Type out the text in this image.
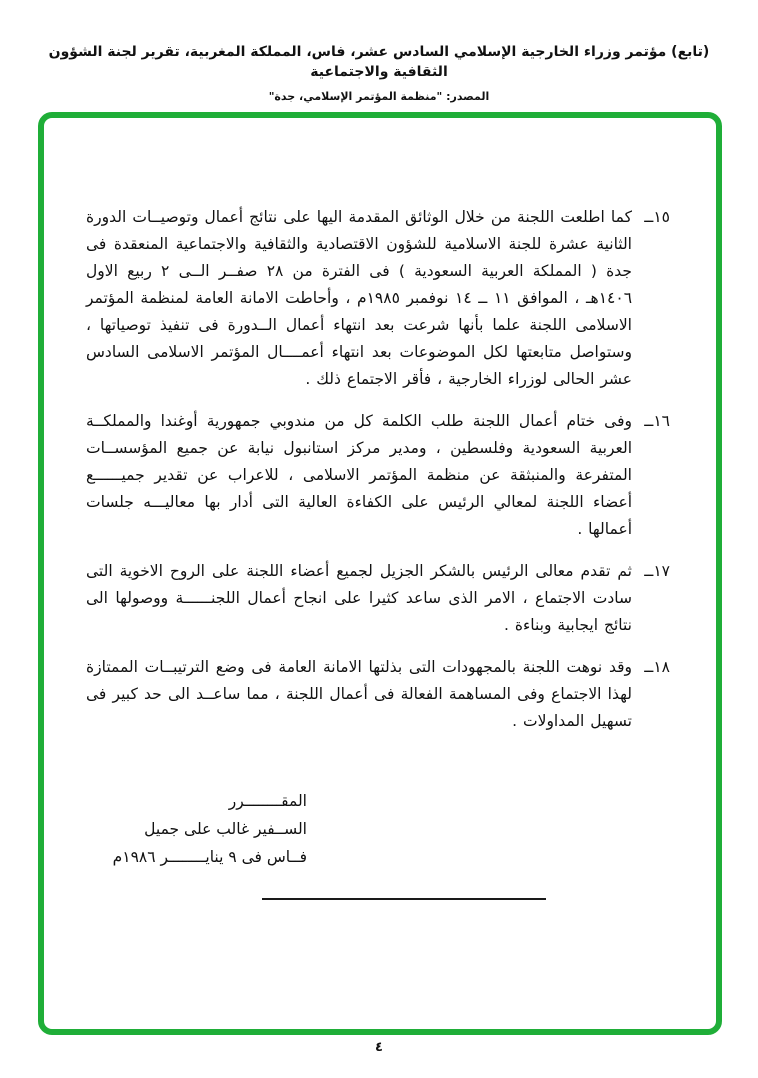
(تابع) مؤتمر وزراء الخارجية الإسلامي السادس عشر، فاس، المملكة المغربية، تقرير لجنة الشؤون الثقافية والاجتماعية
المصدر: "منظمة المؤتمر الإسلامي، جدة"
١٥ــ
كما اطلعت اللجنة من خلال الوثائق المقدمة اليها على نتائج أعمال وتوصيــات الدورة الثانية عشرة للجنة الاسلامية للشؤون الاقتصادية والثقافية والاجتماعية المنعقدة فى جدة ( المملكة العربية السعودية ) فى الفترة من ٢٨ صفــر الــى ٢ ربيع الاول ١٤٠٦هـ ، الموافق ١١ ــ ١٤ نوفمبر ١٩٨٥م ، وأحاطت الامانة العامة لمنظمة المؤتمر الاسلامى اللجنة علما بأنها شرعت بعد انتهاء أعمال الــدورة فى تنفيذ توصياتها ، وستواصل متابعتها لكل الموضوعات بعد انتهاء أعمــــال المؤتمر الاسلامى السادس عشر الحالى لوزراء الخارجية ، فأقر الاجتماع ذلك .
١٦ــ
وفى ختام أعمال اللجنة طلب الكلمة كل من مندوبي جمهورية أوغندا والمملكــة العربية السعودية وفلسطين ، ومدير مركز استانبول نيابة عن جميع المؤسســات المتفرعة والمنبثقة عن منظمة المؤتمر الاسلامى ، للاعراب عن تقدير جميــــــع أعضاء اللجنة لمعالي الرئيس على الكفاءة العالية التى أدار بها معاليـــه جلسات أعمالها .
١٧ــ
ثم تقدم معالى الرئيس بالشكر الجزيل لجميع أعضاء اللجنة على الروح الاخوية التى سادت الاجتماع ، الامر الذى ساعد كثيرا على انجاح أعمال اللجنــــــة ووصولها الى نتائج ايجابية وبناءة .
١٨ــ
وقد نوهت اللجنة بالمجهودات التى بذلتها الامانة العامة فى وضع الترتيبــات الممتازة لهذا الاجتماع وفى المساهمة الفعالة فى أعمال اللجنة ، مما ساعــد الى حد كبير فى تسهيل المداولات .
المقــــــــرر
الســفير غالب على جميل
فــاس فى ٩ ينايــــــــر ١٩٨٦م
٤
